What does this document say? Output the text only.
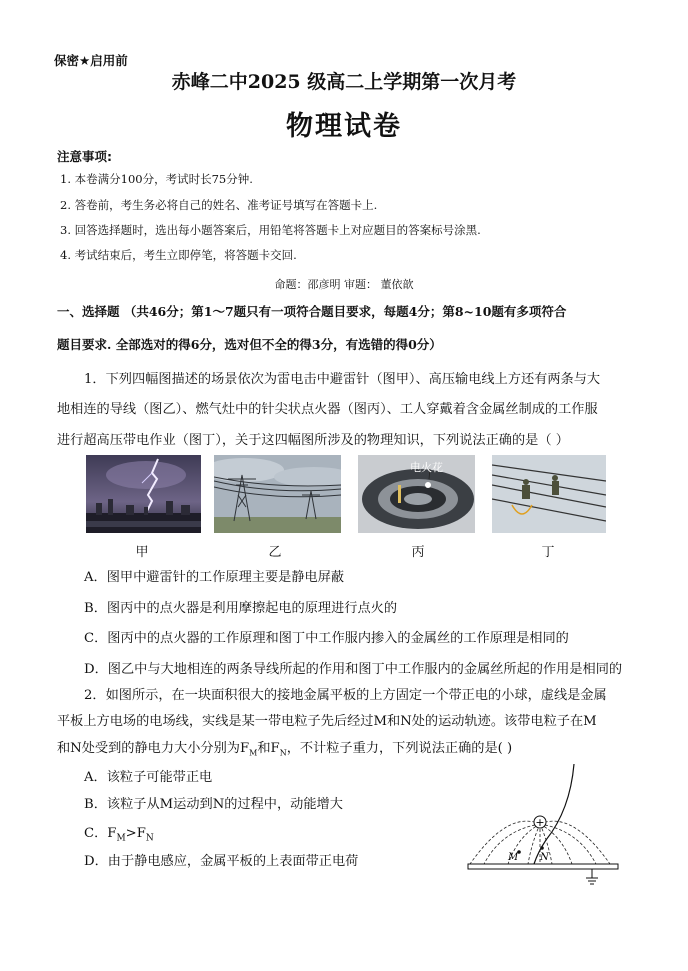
保密★启用前
赤峰二中2025 级高二上学期第一次月考
物理试卷
注意事项:
1. 本卷满分100分，考试时长75分钟.
2. 答卷前，考生务必将自己的姓名、准考证号填写在答题卡上.
3. 回答选择题时，选出每小题答案后，用铅笔将答题卡上对应题目的答案标号涂黑.
4. 考试结束后，考生立即停笔，将答题卡交回.
命题：邵彦明 审题： 董依歆
一、选择题 （共46分；第1～7题只有一项符合题目要求，每题4分；第8~10题有多项符合
题目要求. 全部选对的得6分，选对但不全的得3分，有选错的得0分）
1．下列四幅图描述的场景依次为雷电击中避雷针（图甲）、高压输电线上方还有两条与大
地相连的导线（图乙）、燃气灶中的针尖状点火器（图丙）、工人穿戴着含金属丝制成的工作服
进行超高压带电作业（图丁），关于这四幅图所涉及的物理知识，下列说法正确的是（ ）
电火花
甲	乙	丙	丁
A．图甲中避雷针的工作原理主要是静电屏蔽
B．图丙中的点火器是利用摩擦起电的原理进行点火的
C．图丙中的点火器的工作原理和图丁中工作服内掺入的金属丝的工作原理是相同的
D．图乙中与大地相连的两条导线所起的作用和图丁中工作服内的金属丝所起的作用是相同的
2．如图所示，在一块面积很大的接地金属平板的上方固定一个带正电的小球，虚线是金属
平板上方电场的电场线，实线是某一带电粒子先后经过M和N处的运动轨迹。该带电粒子在M
和N处受到的静电力大小分别为$F_M$和$F_N$，不计粒子重力，下列说法正确的是( )
A．该粒子可能带正电
B．该粒子从M运动到N的过程中，动能增大
C．$F_M>F_N$
D．由于静电感应，金属平板的上表面带正电荷
+
M N
